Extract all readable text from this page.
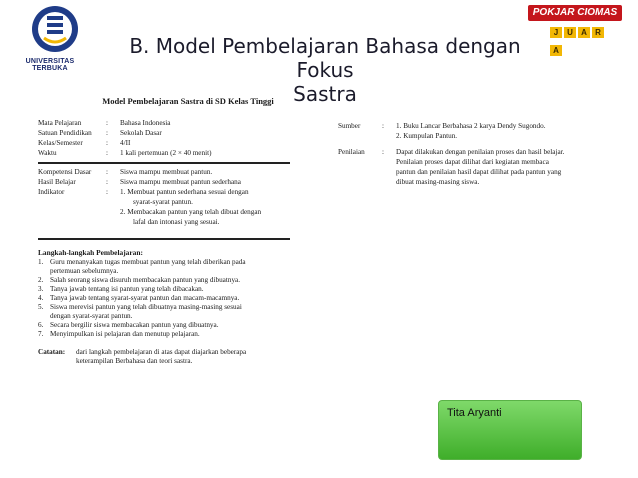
UNIVERSITAS TERBUKA
B. Model Pembelajaran Bahasa dengan Fokus
Sastra
POKJAR CIOMAS
J U A RA
Model Pembelajaran Sastra di SD Kelas Tinggi
Mata Pelajaran	: Bahasa Indonesia
Satuan Pendidikan : Sekolah Dasar
Kelas/Semester	: 4/II
Waktu	: 1 kali pertemuan (2 × 40 menit)
Kompetensi Dasar : Siswa mampu membuat pantun.
Hasil Belajar	: Siswa mampu membuat pantun sederhana
Indikator	: 1. Membuat pantun sederhana sesuai dengan
syarat-syarat pantun.
2. Membacakan pantun yang telah dibuat dengan
lafal dan intonasi yang sesuai.
Langkah-langkah Pembelajaran:
1. Guru menanyakan tugas membuat pantun yang telah diberikan pada
pertemuan sebelumnya.
2. Salah seorang siswa disuruh membacakan pantun yang dibuatnya.
3. Tanya jawab tentang isi pantun yang telah dibacakan.
4. Tanya jawab tentang syarat-syarat pantun dan macam-macamnya.
5. Siswa merevisi pantun yang telah dibuatnya masing-masing sesuai
dengan syarat-syarat pantun.
6. Secara bergilir siswa membacakan pantun yang dibuatnya.
7. Menyimpulkan isi pelajaran dan menutup pelajaran.
Catatan: dari langkah pembelajaran di atas dapat diajarkan beberapa
keterampilan Berbahasa dan teori sastra.
Sumber	: 1. Buku Lancar Berbahasa 2 karya Dendy Sugondo.
2. Kumpulan Pantun.
Penilaian : Dapat dilakukan dengan penilaian proses dan hasil belajar.
Penilaian proses dapat dilihat dari kegiatan membaca
pantun dan penilaian hasil dapat dilihat pada pantun yang
dibuat masing-masing siswa.
Tita Aryanti
